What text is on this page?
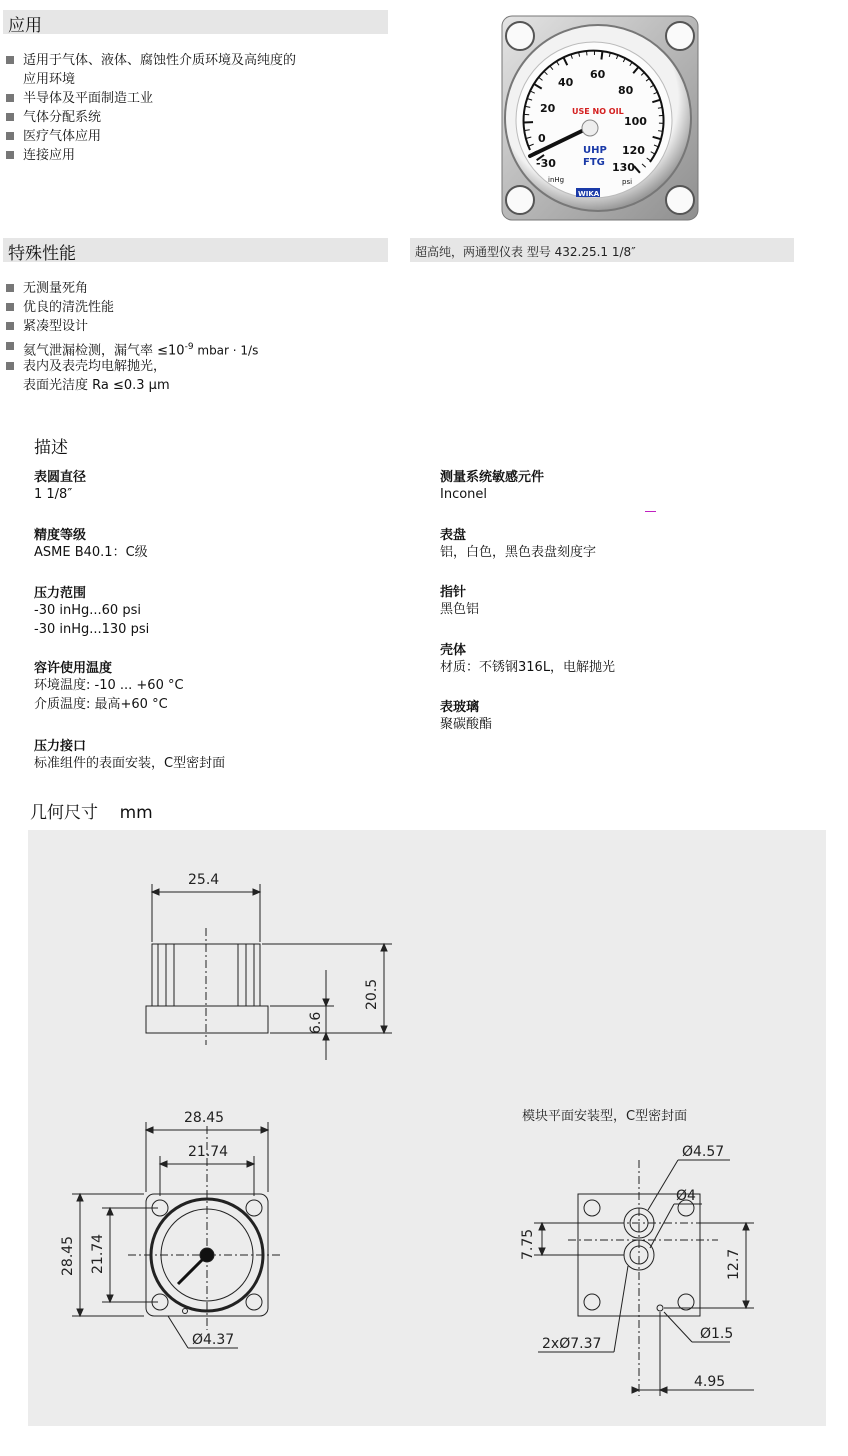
应用
适用于气体、液体、腐蚀性介质环境及高纯度的
应用环境
半导体及平面制造工业
气体分配系统
医疗气体应用
连接应用
-30
0
20
40
60
80
100
120
130
USE NO OIL
UHP
FTG
inHg	psi
WIKA
特殊性能	超高纯，两通型仪表 型号 432.25.1 1/8″
无测量死角
优良的清洗性能
紧凑型设计
氦气泄漏检测，漏气率 $\le 10^{-9}$ mbar · 1/s
表内及表壳均电解抛光，
表面光洁度 Ra ≤0.3 μm
描述
表圆直径
1 1/8″
精度等级
ASME B40.1：C级
压力范围
-30 inHg...60 psi
-30 inHg...130 psi
容许使用温度
环境温度: -10 ... +60 °C
介质温度: 最高+60 °C
压力接口
标准组件的表面安装，C型密封面
测量系统敏感元件
Inconel
表盘
铝，白色，黑色表盘刻度字
指针
黑色铝
壳体
材质：不锈钢316L，电解抛光
表玻璃
聚碳酸酯
几何尺寸    mm
25.4
20.5
6.6
28.45
21.74
28.45 21.74
Ø4.37
模块平面安装型，C型密封面
Ø4.57
Ø4
7.75
12.7
Ø1.5
2xØ7.37
4.95
